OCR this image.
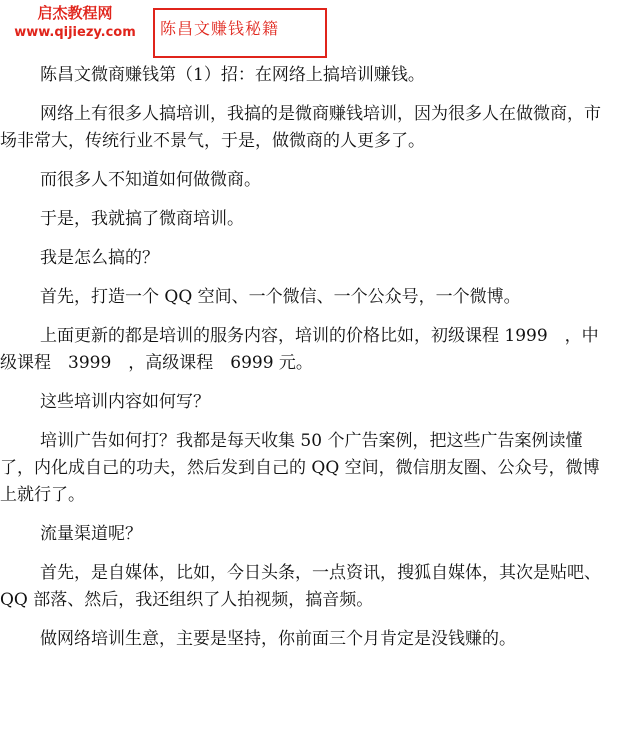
启杰教程网
www.qijiezy.com	陈昌文赚钱秘籍

陈昌文微商赚钱第（1）招：在网络上搞培训赚钱。

网络上有很多人搞培训，我搞的是微商赚钱培训，因为很多人在做微商，市场非常大，传统行业不景气，于是，做微商的人更多了。

而很多人不知道如何做微商。

于是，我就搞了微商培训。

我是怎么搞的？

首先，打造一个 QQ 空间、一个微信、一个公众号，一个微博。

上面更新的都是培训的服务内容，培训的价格比如，初级课程 1999　，中级课程　3999　，高级课程　6999 元。

这些培训内容如何写？

培训广告如何打？我都是每天收集 50 个广告案例，把这些广告案例读懂了，内化成自己的功夫，然后发到自己的 QQ 空间，微信朋友圈、公众号，微博上就行了。

流量渠道呢？

首先，是自媒体，比如，今日头条，一点资讯，搜狐自媒体，其次是贴吧、QQ 部落、然后，我还组织了人拍视频，搞音频。

做网络培训生意，主要是坚持，你前面三个月肯定是没钱赚的。
